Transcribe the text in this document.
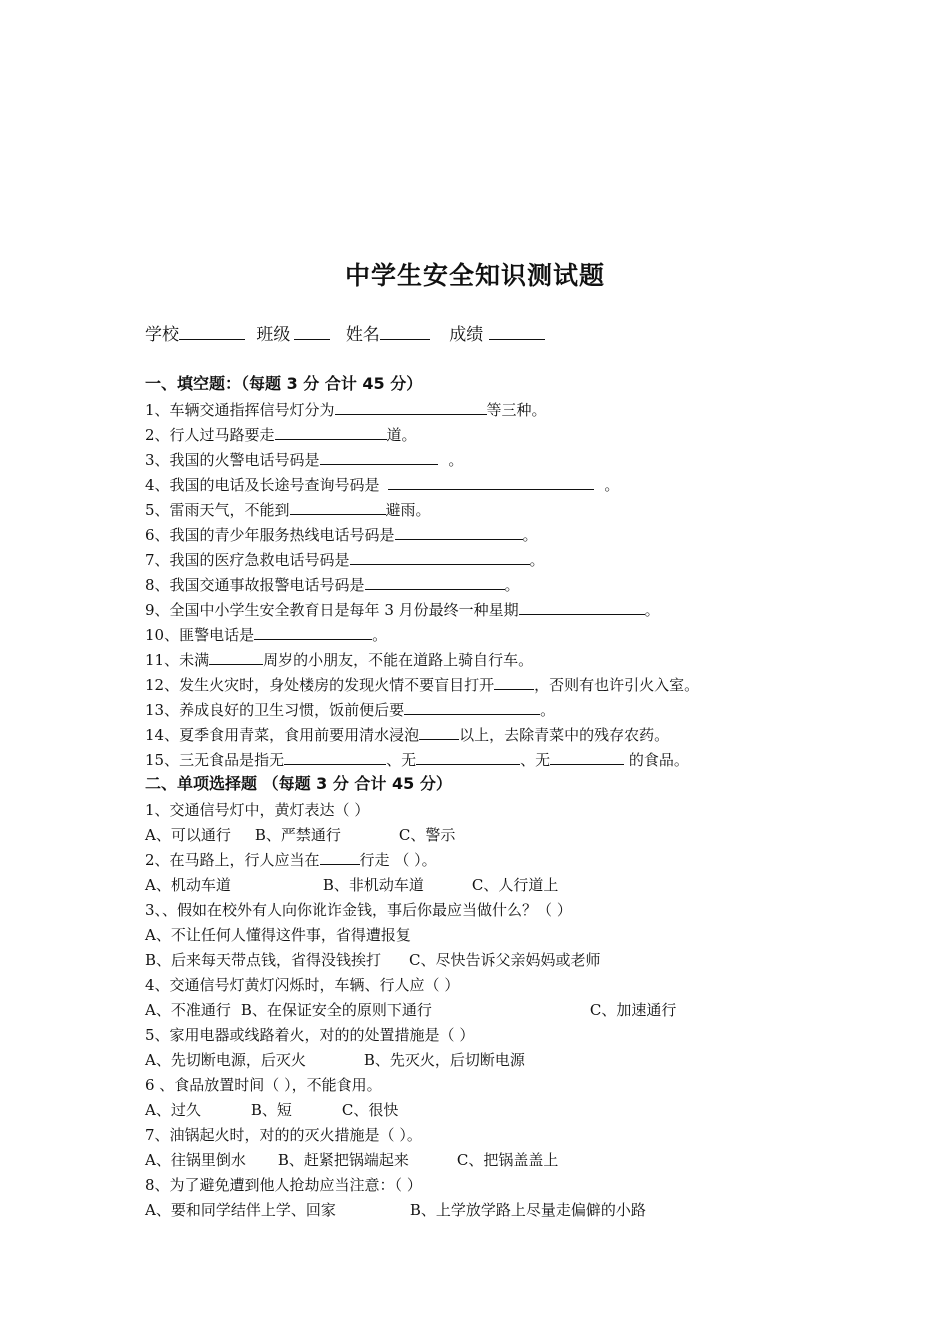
中学生安全知识测试题
学校	班级	姓名	成绩
一、填空题：（每题 3 分 合计 45 分）
1、车辆交通指挥信号灯分为	等三种。
2、行人过马路要走	道。
3、我国的火警电话号码是	。
4、我国的电话及长途号查询号码是	。
5、雷雨天气，不能到	避雨。
6、我国的青少年服务热线电话号码是	。
7、我国的医疗急救电话号码是	。
8、我国交通事故报警电话号码是	。
9、全国中小学生安全教育日是每年 3 月份最终一种星期	。
10、匪警电话是	。
11、未满	周岁的小朋友，不能在道路上骑自行车。
12、发生火灾时，身处楼房的发现火情不要盲目打开	，否则有也许引火入室。
13、养成良好的卫生习惯，饭前便后要	。
14、夏季食用青菜，食用前要用清水浸泡	以上，去除青菜中的残存农药。
15、三无食品是指无	、无	、无	的食品。
二、单项选择题 （每题 3 分 合计 45 分）
1、交通信号灯中，黄灯表达（ ）
A、可以通行 B、严禁通行	C、警示
2、在马路上，行人应当在	行走 （ ）。
A、机动车道	B、非机动车道	C、人行道上
3、、假如在校外有人向你讹诈金钱，事后你最应当做什么？（ ）
A、不让任何人懂得这件事，省得遭报复
B、后来每天带点钱，省得没钱挨打 C、尽快告诉父亲妈妈或老师
4、交通信号灯黄灯闪烁时，车辆、行人应（ ）
A、不准通行 B、在保证安全的原则下通行	C、加速通行
5、家用电器或线路着火，对的的处置措施是（ ）
A、先切断电源，后灭火	B、先灭火，后切断电源
6 、食品放置时间（ ），不能食用。
A、过久	B、短	C、很快
7、油锅起火时，对的的灭火措施是（ ）。
A、往锅里倒水 B、赶紧把锅端起来	C、把锅盖盖上
8、为了避免遭到他人抢劫应当注意：（ ）
A、要和同学结伴上学、回家	B、上学放学路上尽量走偏僻的小路
